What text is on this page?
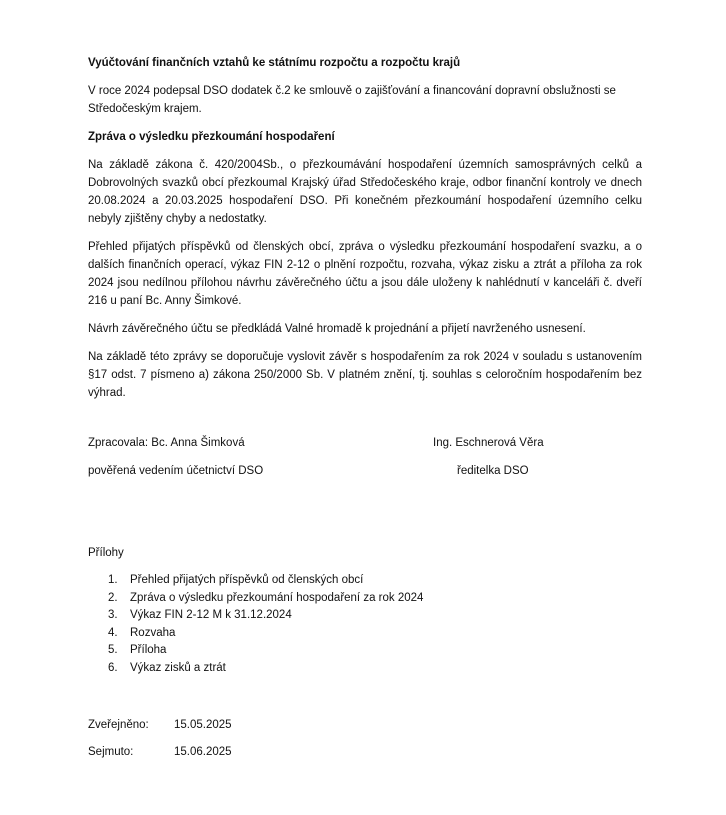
Vyúčtování finančních vztahů ke státnímu rozpočtu a rozpočtu krajů

V roce 2024 podepsal DSO dodatek č.2 ke smlouvě o zajišťování a financování dopravní obslužnosti se Středočeským krajem.

Zpráva o výsledku přezkoumání hospodaření

Na základě zákona č. 420/2004Sb., o přezkoumávání hospodaření územních samosprávných celků a Dobrovolných svazků obcí přezkoumal Krajský úřad Středočeského kraje, odbor finanční kontroly ve dnech 20.08.2024 a 20.03.2025 hospodaření DSO. Při konečném přezkoumání hospodaření územního celku nebyly zjištěny chyby a nedostatky.

Přehled přijatých příspěvků od členských obcí, zpráva o výsledku přezkoumání hospodaření svazku, a o dalších finančních operací, výkaz FIN 2-12 o plnění rozpočtu, rozvaha, výkaz zisku a ztrát a příloha za rok 2024 jsou nedílnou přílohou návrhu závěrečného účtu a jsou dále uloženy k nahlédnutí v kanceláři č. dveří 216 u paní Bc. Anny Šimkové.

Návrh závěrečného účtu se předkládá Valné hromadě k projednání a přijetí navrženého usnesení.

Na základě této zprávy se doporučuje vyslovit závěr s hospodařením za rok 2024 v souladu s ustanovením §17 odst. 7 písmeno a) zákona 250/2000 Sb. V platném znění, tj. souhlas s celoročním hospodařením bez výhrad.

Zpracovala: Bc. Anna Šimková	Ing. Eschnerová Věra
pověřená vedením účetnictví DSO	ředitelka DSO

Přílohy

1. Přehled přijatých příspěvků od členských obcí
2. Zpráva o výsledku přezkoumání hospodaření za rok 2024
3. Výkaz FIN 2-12 M k 31.12.2024
4. Rozvaha
5. Příloha
6. Výkaz zisků a ztrát
Zveřejněno: 15.05.2025
Sejmuto:	15.06.2025
